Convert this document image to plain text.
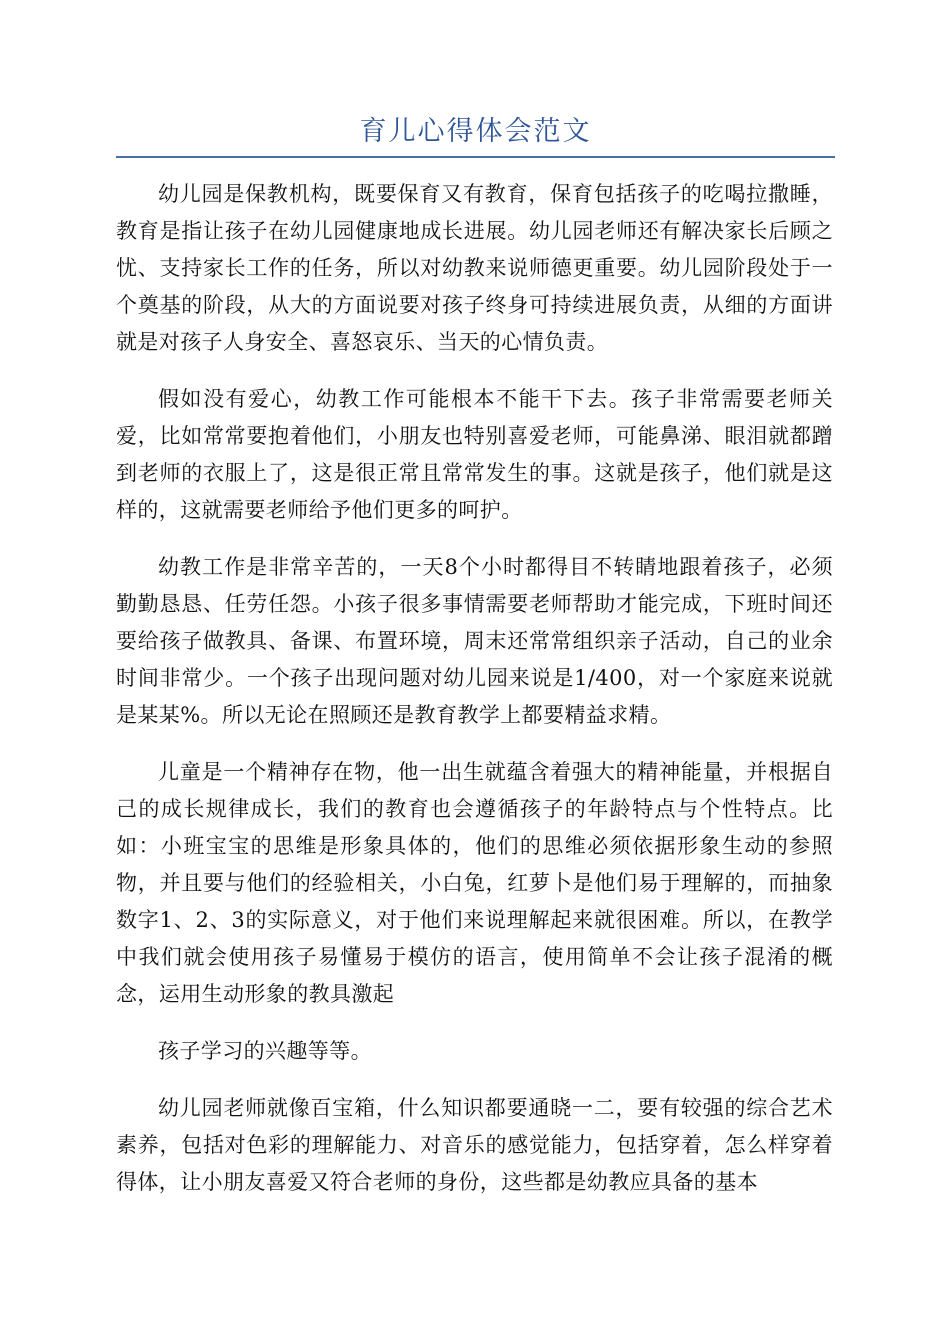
育儿心得体会范文

幼儿园是保教机构，既要保育又有教育，保育包括孩子的吃喝拉撒睡，教育是指让孩子在幼儿园健康地成长进展。幼儿园老师还有解决家长后顾之忧、支持家长工作的任务，所以对幼教来说师德更重要。幼儿园阶段处于一个奠基的阶段，从大的方面说要对孩子终身可持续进展负责，从细的方面讲就是对孩子人身安全、喜怒哀乐、当天的心情负责。

假如没有爱心，幼教工作可能根本不能干下去。孩子非常需要老师关爱，比如常常要抱着他们，小朋友也特别喜爱老师，可能鼻涕、眼泪就都蹭到老师的衣服上了，这是很正常且常常发生的事。这就是孩子，他们就是这样的，这就需要老师给予他们更多的呵护。

幼教工作是非常辛苦的，一天8个小时都得目不转睛地跟着孩子，必须勤勤恳恳、任劳任怨。小孩子很多事情需要老师帮助才能完成，下班时间还要给孩子做教具、备课、布置环境，周末还常常组织亲子活动，自己的业余时间非常少。一个孩子出现问题对幼儿园来说是1/400，对一个家庭来说就是某某%。所以无论在照顾还是教育教学上都要精益求精。

儿童是一个精神存在物，他一出生就蕴含着强大的精神能量，并根据自己的成长规律成长，我们的教育也会遵循孩子的年龄特点与个性特点。比如：小班宝宝的思维是形象具体的，他们的思维必须依据形象生动的参照物，并且要与他们的经验相关，小白兔，红萝卜是他们易于理解的，而抽象数字1、2、3的实际意义，对于他们来说理解起来就很困难。所以，在教学中我们就会使用孩子易懂易于模仿的语言，使用简单不会让孩子混淆的概念，运用生动形象的教具激起

孩子学习的兴趣等等。

幼儿园老师就像百宝箱，什么知识都要通晓一二，要有较强的综合艺术素养，包括对色彩的理解能力、对音乐的感觉能力，包括穿着，怎么样穿着得体，让小朋友喜爱又符合老师的身份，这些都是幼教应具备的基本
